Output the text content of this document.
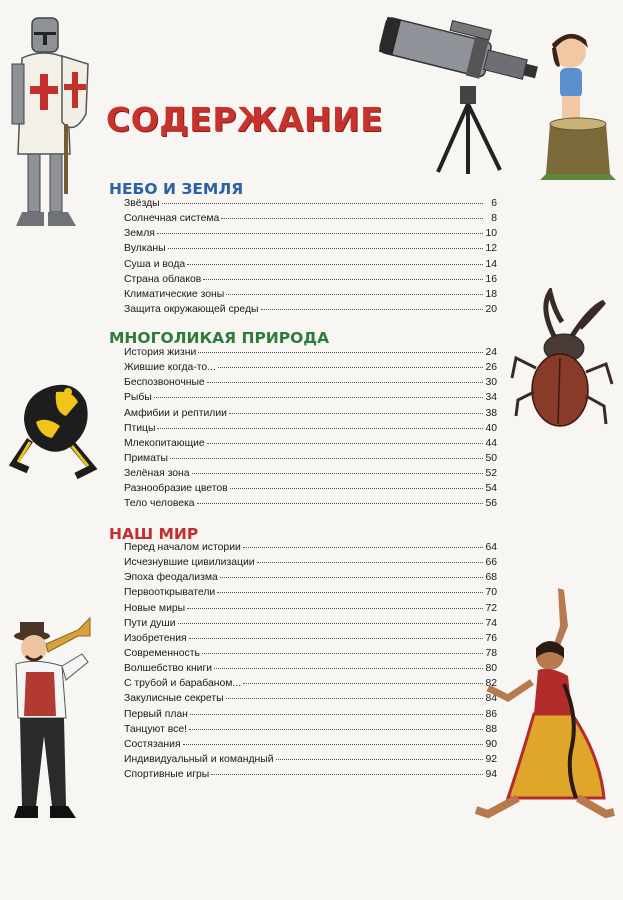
СОДЕРЖАНИЕ
НЕБО И ЗЕМЛЯ
Звёзды	6
Солнечная система	8
Земля	10
Вулканы	12
Суша и вода	14
Страна облаков	16
Климатические зоны	18
Защита окружающей среды	20
МНОГОЛИКАЯ ПРИРОДА
История жизни	24
Жившие когда-то...	26
Беспозвоночные	30
Рыбы	34
Амфибии и рептилии	38
Птицы	40
Млекопитающие	44
Приматы	50
Зелёная зона	52
Разнообразие цветов	54
Тело человека	56
НАШ МИР
Перед началом истории	64
Исчезнувшие цивилизации	66
Эпоха феодализма	68
Первооткрыватели	70
Новые миры	72
Пути души	74
Изобретения	76
Современность	78
Волшебство книги	80
С трубой и барабаном...	82
Закулисные секреты	84
Первый план	86
Танцуют все!	88
Состязания	90
Индивидуальный и командный	92
Спортивные игры	94
